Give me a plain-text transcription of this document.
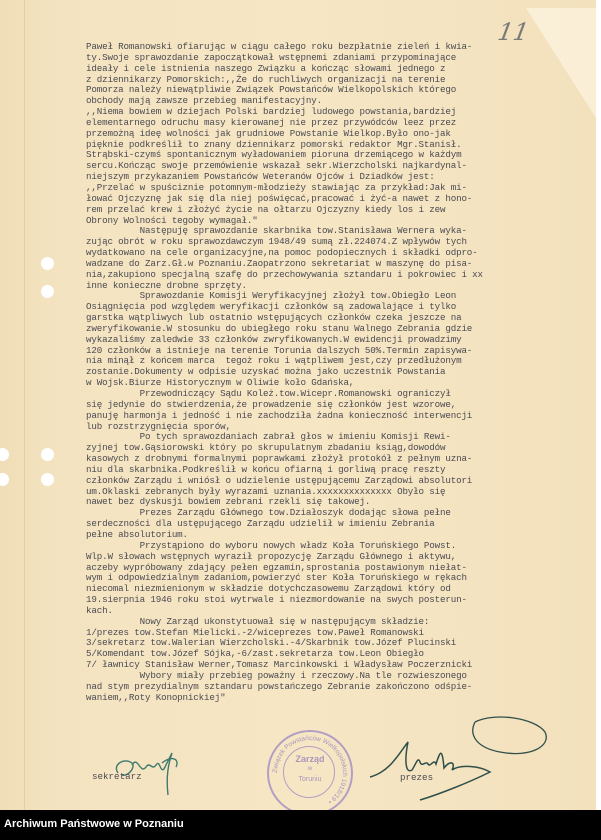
11
Paweł Romanowski ofiarując w ciągu całego roku bezpłatnie zieleń i kwia-
ty.Swoje sprawozdanie zapoczątkował wstępnemi zdaniami przypominające
ideały i cele istnienia naszego Związku a kończąc słowami jednego z
z dziennikarzy Pomorskich:,,Że do ruchliwych organizacji na terenie
Pomorza należy niewątpliwie Związek Powstańców Wielkopolskich którego
obchody mają zawsze przebieg manifestacyjny.
,,Niema bowiem w dziejach Polski bardziej ludowego powstania,bardziej
elementarnego odruchu masy kierowanej nie przez przywódców leez przez
przemożną ideę wolności jak grudniowe Powstanie Wielkop.Było ono-jak
pięknie podkreślił to znany dziennikarz pomorski redaktor Mgr.Stanisł.
Strąbski-czymś spontanicznym wyładowaniem pioruna drzemiącego w każdym
sercu.Kończąc swoje przemówienie wskazał sekr.Wierzcholski najkardynal-
niejszym przykazaniem Powstańców Weteranów Ojców i Dziadków jest:
,,Przelać w spuściznie potomnym-młodzieży stawiając za przykład:Jak mi-
łować Ojczyznę jak się dla niej poświęcać,pracować i żyć-a nawet z hono-
rem przelać krew i złożyć życie na ołtarzu Ojczyzny kiedy los i zew
Obrony Wolności tegoby wymagał."
Następuję sprawozdanie skarbnika tow.Stanisława Wernera wyka-
zując obrót w roku sprawozdawczym 1948/49 sumą zł.224074.Z wpływów tych
wydatkowano na cele organizacyjne,na pomoc podopiecznych i składki odpro-
wadzane do Zarz.Gł.w Poznaniu.Zaopatrzono sekretariat w maszynę do pisa-
nia,zakupiono specjalną szafę do przechowywania sztandaru i pokrowiec i xx
inne konieczne drobne sprzęty.
Sprawozdanie Komisji Weryfikacyjnej złożył tow.Obiegło Leon
Osiągnięcia pod względem weryfikacji członków są zadowalające i tylko
garstka wątpliwych lub ostatnio wstępujących członków czeka jeszcze na
zweryfikowanie.W stosunku do ubiegłego roku stanu Walnego Zebrania gdzie
wykazaliśmy zaledwie 33 członków zwryfikowanych.W ewidencji prowadzimy
120 członków a istnieje na terenie Torunia dalszych 50%.Termin zapisywa-
nia minął z końcem marca  tegoż roku i wątpliwem jest,czy przedłużonym
zostanie.Dokumenty w odpisie uzyskać można jako uczestnik Powstania
w Wojsk.Biurze Historycznym w Oliwie koło Gdańska,
Przewodniczący Sądu Koleż.tow.Wicepr.Romanowski ograniczył
się jedynie do stwierdzenia,że prowadzenie się członków jest wzorowe,
panuję harmonja i jedność i nie zachodziła żadna konieczność interwencji
lub rozstrzygnięcia sporów,
Po tych sprawozdaniach zabrał głos w imieniu Komisji Rewi-
zyjnej tow.Gąsiorowski który po skrupulatnym zbadaniu ksiąg,dowodów
kasowych z drobnymi formalnymi poprawkami złożył protokół z pełnym uzna-
niu dla skarbnika.Podkreślił w końcu ofiarną i gorliwą pracę reszty
członków Zarządu i wniósł o udzielenie ustępującemu Zarządowi absolutori
um.Oklaski zebranych były wyrazami uznania.xxxxxxxxxxxxxx Obyło się
nawet bez dyskusji bowiem zebrani rzekli się takowej.
Prezes Zarządu Głównego tow.Działoszyk dodając słowa pełne
serdeczności dla ustępującego Zarządu udzielił w imieniu Zebrania
pełne absolutorium.
Przystąpiono do wyboru nowych władz Koła Toruńskiego Powst.
Wlp.W słowach wstępnych wyraził propozycję Zarządu Głównego i aktywu,
aczeby wypróbowany zdający pełen egzamin,sprostania postawionym niełat-
wym i odpowiedzialnym zadaniom,powierzyć ster Koła Toruńskiego w rękach
niecomal niezmienionym w składzie dotychczasowemu Zarządowi który od
19.sierpnia 1946 roku stoi wytrwale i niezmordowanie na swych posterun-
kach.
Nowy Zarząd ukonstytuował się w następującym składzie:
1/prezes tow.Stefan Mielicki.-2/wiceprezes tow.Paweł Romanowski
3/sekretarz tow.Walerian Wierzcholski.-4/Skarbnik tow.Józef Plucinski
5/Komendant tow.Józef Sójka,-6/zast.sekretarza tow.Leon Obiegło
7/ ławnicy Stanisław Werner,Tomasz Marcinkowski i Władysław Poczerznicki
Wybory miały przebieg poważny i rzeczowy.Na tle rozwieszonego
nad stym prezydialnym sztandaru powstańczego Zebranie zakończono odśpie-
waniem,,Roty Konopnickiej"
sekretarz
Związek Powstańców Wielkopolskich 1918/19 •
Zarząd
w
Toruniu	prezes
Archiwum Państwowe w Poznaniu
